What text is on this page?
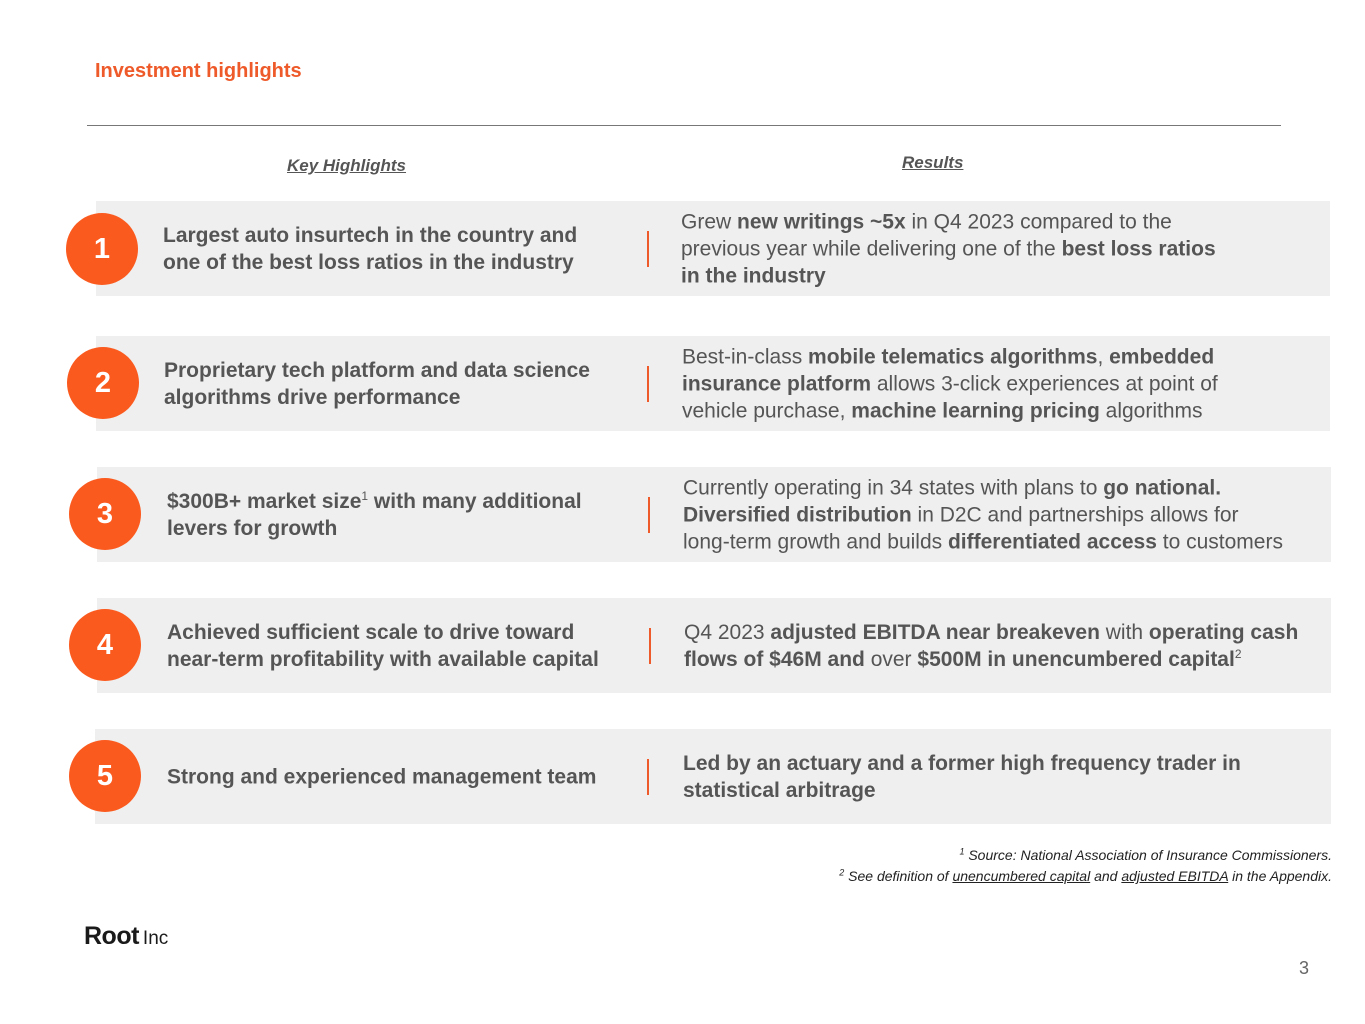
Investment highlights
Key Highlights	Results
Largest auto insurtech in the country and one of the best loss ratios in the industry
Grew new writings ~5x in Q4 2023 compared to the
previous year while delivering one of the best loss ratios
in the industry
1
Proprietary tech platform and data science algorithms drive performance
Best-in-class mobile telematics algorithms, embedded
insurance platform allows 3-click experiences at point of
vehicle purchase, machine learning pricing algorithms
2
$300B+ market size$^1$ with many additional levers for growth
Currently operating in 34 states with plans to go national.
Diversified distribution in D2C and partnerships allows for
long-term growth and builds differentiated access to customers
3
Achieved sufficient scale to drive toward near-term profitability with available capital
Q4 2023 adjusted EBITDA near breakeven with operating cash
flows of $46M and over $500M in unencumbered capital$^2$
4
Strong and experienced management team
Led by an actuary and a former high frequency trader in
statistical arbitrage
5
$^1$ Source: National Association of Insurance Commissioners.
$^2$ See definition of unencumbered capital and adjusted EBITDA in the Appendix.
Root Inc
3
